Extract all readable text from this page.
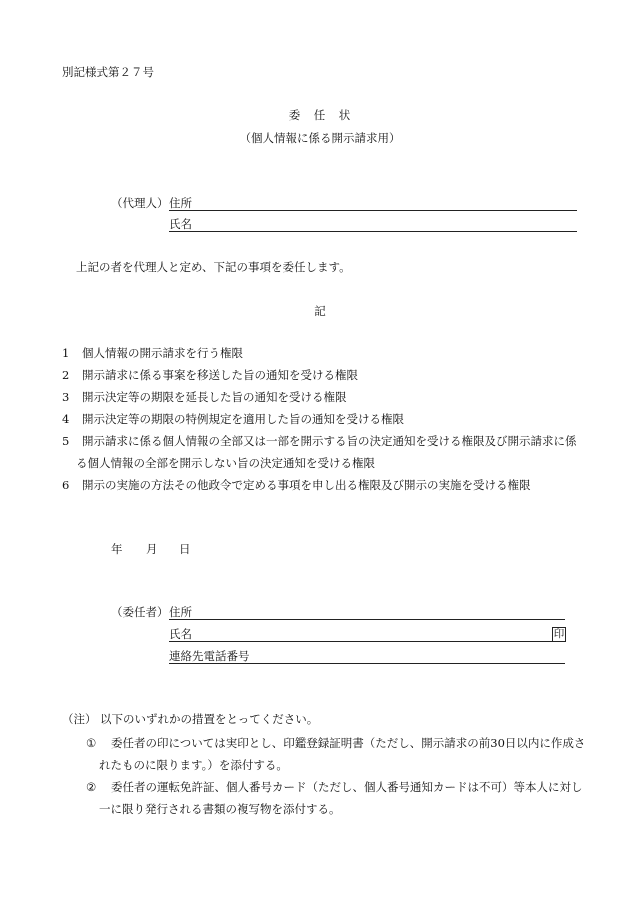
別記様式第２７号
委　任　状
（個人情報に係る開示請求用）
（代理人） 住所
氏名
上記の者を代理人と定め、下記の事項を委任します。
記
1 個人情報の開示請求を行う権限
2 開示請求に係る事案を移送した旨の通知を受ける権限
3 開示決定等の期限を延長した旨の通知を受ける権限
4 開示決定等の期限の特例規定を適用した旨の通知を受ける権限
5 開示請求に係る個人情報の全部又は一部を開示する旨の決定通知を受ける権限及び開示請求に係
る個人情報の全部を開示しない旨の決定通知を受ける権限
6 開示の実施の方法その他政令で定める事項を申し出る権限及び開示の実施を受ける権限
年 月 日
（委任者） 住所
氏名	印
連絡先電話番号
（注） 以下のいずれかの措置をとってください。
① 委任者の印については実印とし、印鑑登録証明書（ただし、開示請求の前30日以内に作成さ
れたものに限ります。）を添付する。
② 委任者の運転免許証、個人番号カード（ただし、個人番号通知カードは不可）等本人に対し
一に限り発行される書類の複写物を添付する。
